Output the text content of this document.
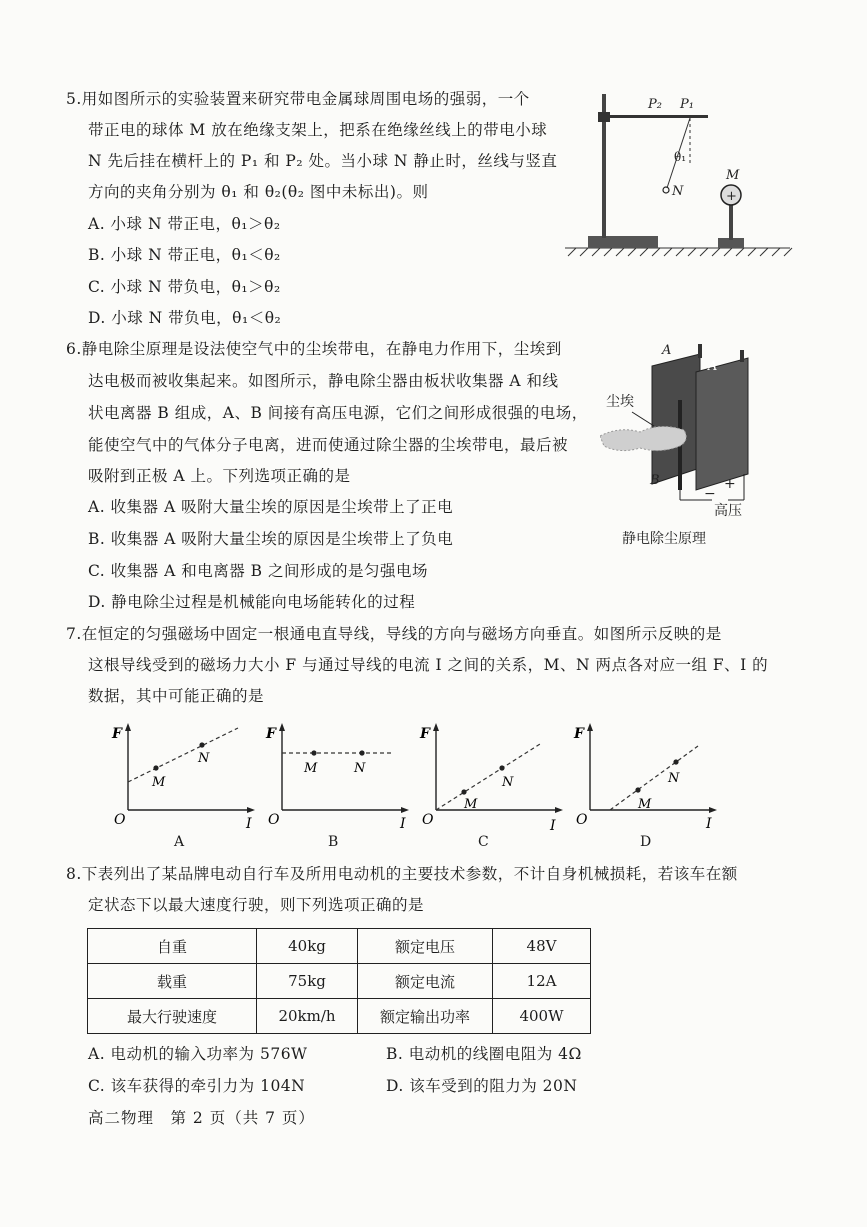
5.用如图所示的实验装置来研究带电金属球周围电场的强弱，一个
带正电的球体 M 放在绝缘支架上，把系在绝缘丝线上的带电小球
N 先后挂在横杆上的 P₁ 和 P₂ 处。当小球 N 静止时，丝线与竖直
方向的夹角分别为 θ₁ 和 θ₂(θ₂ 图中未标出)。则
A. 小球 N 带正电，θ₁＞θ₂
B. 小球 N 带正电，θ₁＜θ₂
C. 小球 N 带负电，θ₁＞θ₂
D. 小球 N 带负电，θ₁＜θ₂
+
P₂ P₁
θ₁
N
M
6.静电除尘原理是设法使空气中的尘埃带电，在静电力作用下，尘埃到
达电极而被收集起来。如图所示，静电除尘器由板状收集器 A 和线
状电离器 B 组成，A、B 间接有高压电源，它们之间形成很强的电场，
能使空气中的气体分子电离，进而使通过除尘器的尘埃带电，最后被
吸附到正极 A 上。下列选项正确的是
A. 收集器 A 吸附大量尘埃的原因是尘埃带上了正电
B. 收集器 A 吸附大量尘埃的原因是尘埃带上了负电
C. 收集器 A 和电离器 B 之间形成的是匀强电场
D. 静电除尘过程是机械能向电场能转化的过程
A
A
B
尘埃
−
+
高压
静电除尘原理
7.在恒定的匀强磁场中固定一根通电直导线，导线的方向与磁场方向垂直。如图所示反映的是
这根导线受到的磁场力大小 F 与通过导线的电流 I 之间的关系，M、N 两点各对应一组 F、I 的
数据，其中可能正确的是
F
I
O
M
N
A
F
I
O
M	N
B
F
I
O
M
N
C
F
I
O
M
N
D
8.下表列出了某品牌电动自行车及所用电动机的主要技术参数，不计自身机械损耗，若该车在额
定状态下以最大速度行驶，则下列选项正确的是
自重	40kg	额定电压	48V
载重	75kg	额定电流	12A
最大行驶速度	20km/h	额定输出功率	400W
A. 电动机的输入功率为 576W	B. 电动机的线圈电阻为 4Ω
C. 该车获得的牵引力为 104N	D. 该车受到的阻力为 20N
高二物理　第 2 页（共 7 页）
